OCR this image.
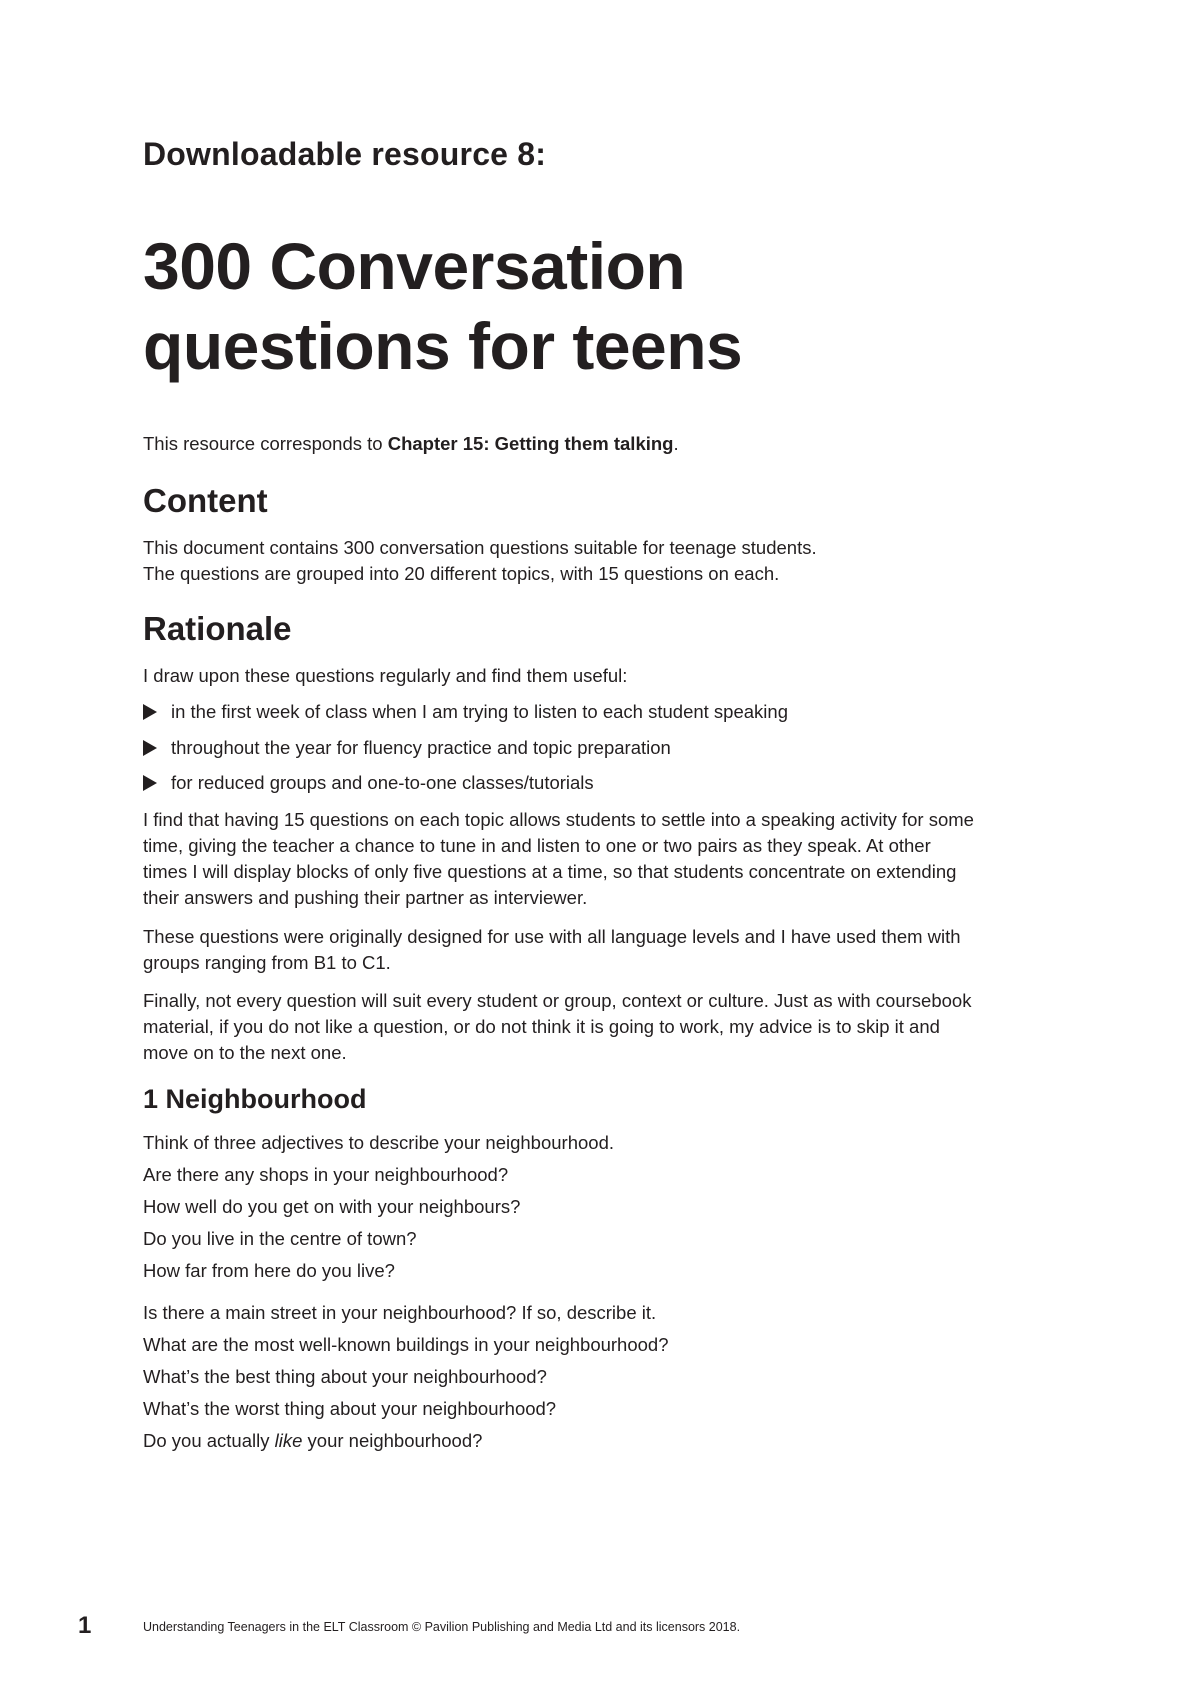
Downloadable resource 8:
300 Conversation
questions for teens
This resource corresponds to Chapter 15: Getting them talking.
Content

This document contains 300 conversation questions suitable for teenage students.
The questions are grouped into 20 different topics, with 15 questions on each.

Rationale

I draw upon these questions regularly and find them useful:

in the first week of class when I am trying to listen to each student speaking
throughout the year for fluency practice and topic preparation
for reduced groups and one-to-one classes/tutorials

I find that having 15 questions on each topic allows students to settle into a speaking activity for some
time, giving the teacher a chance to tune in and listen to one or two pairs as they speak. At other
times I will display blocks of only five questions at a time, so that students concentrate on extending
their answers and pushing their partner as interviewer.

These questions were originally designed for use with all language levels and I have used them with
groups ranging from B1 to C1.

Finally, not every question will suit every student or group, context or culture. Just as with coursebook
material, if you do not like a question, or do not think it is going to work, my advice is to skip it and
move on to the next one.

1 Neighbourhood
Think of three adjectives to describe your neighbourhood.
Are there any shops in your neighbourhood?
How well do you get on with your neighbours?
Do you live in the centre of town?
How far from here do you live?
Is there a main street in your neighbourhood? If so, describe it.
What are the most well-known buildings in your neighbourhood?
What’s the best thing about your neighbourhood?
What’s the worst thing about your neighbourhood?
Do you actually like your neighbourhood?
1	Understanding Teenagers in the ELT Classroom © Pavilion Publishing and Media Ltd and its licensors 2018.
